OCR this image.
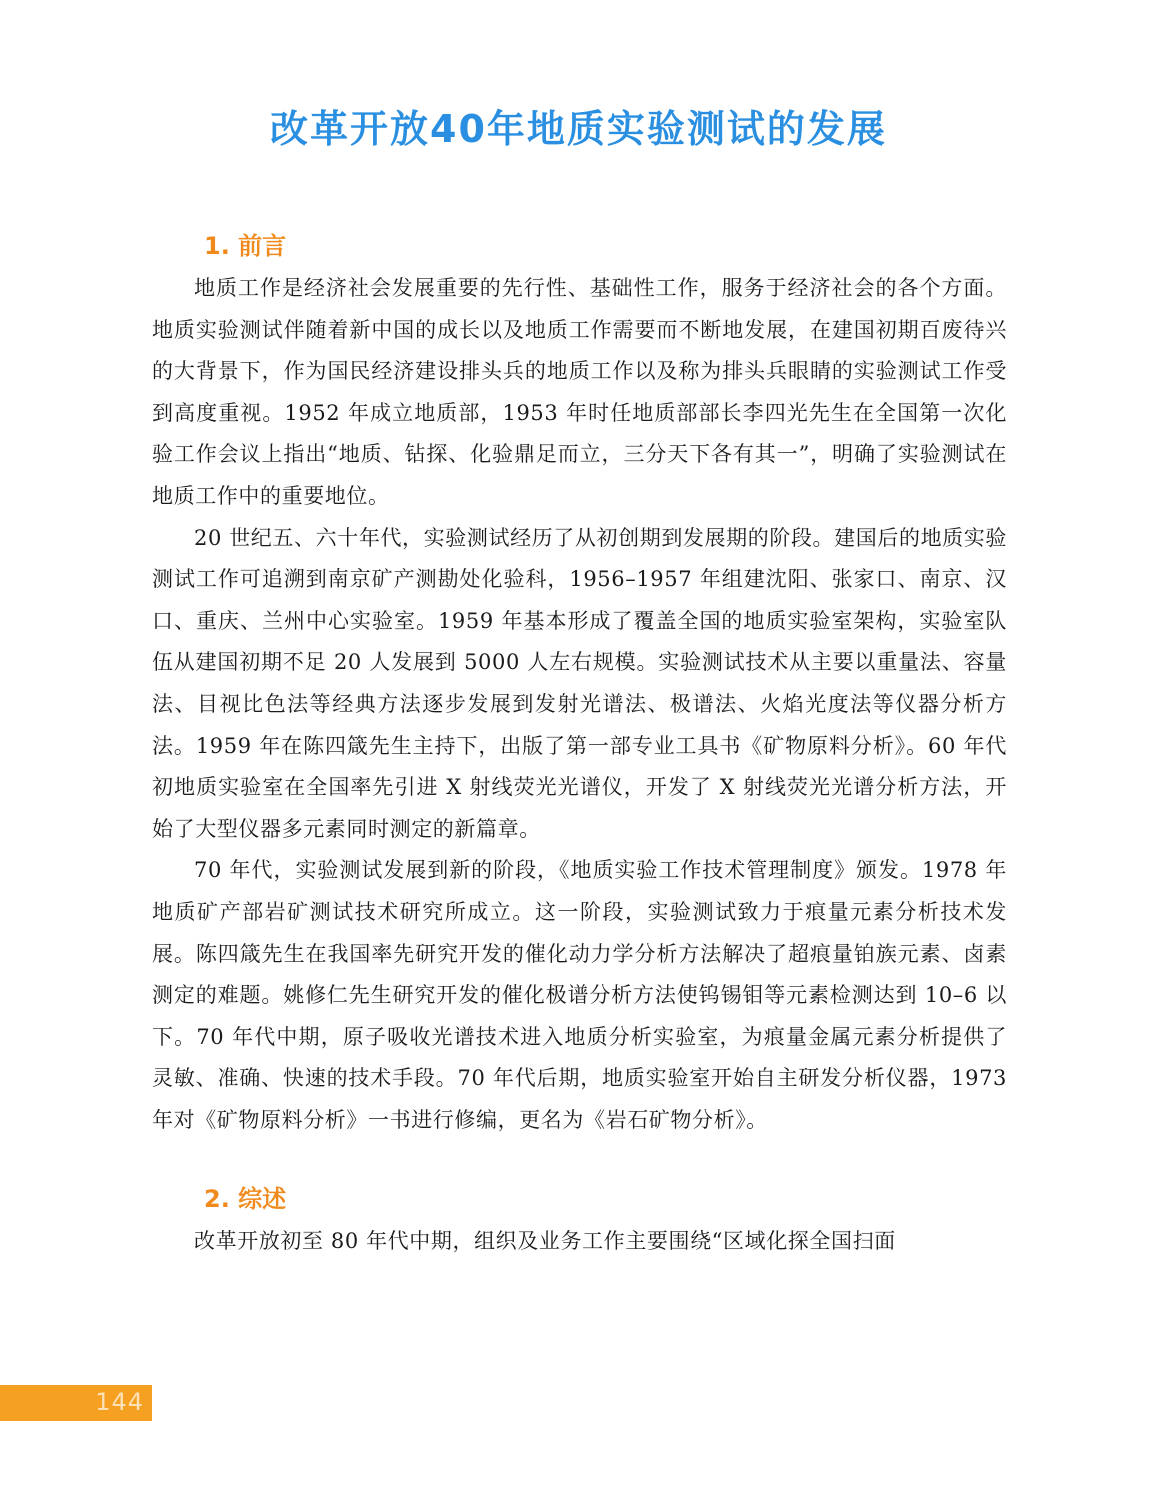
改革开放40年地质实验测试的发展
1. 前言

地质工作是经济社会发展重要的先行性、基础性工作，服务于经济社会的各个方面。地质实验测试伴随着新中国的成长以及地质工作需要而不断地发展，在建国初期百废待兴的大背景下，作为国民经济建设排头兵的地质工作以及称为排头兵眼睛的实验测试工作受到高度重视。1952 年成立地质部，1953 年时任地质部部长李四光先生在全国第一次化验工作会议上指出“地质、钻探、化验鼎足而立，三分天下各有其一”，明确了实验测试在地质工作中的重要地位。

20 世纪五、六十年代，实验测试经历了从初创期到发展期的阶段。建国后的地质实验测试工作可追溯到南京矿产测勘处化验科，1956–1957 年组建沈阳、张家口、南京、汉口、重庆、兰州中心实验室。1959 年基本形成了覆盖全国的地质实验室架构，实验室队伍从建国初期不足 20 人发展到 5000 人左右规模。实验测试技术从主要以重量法、容量法、目视比色法等经典方法逐步发展到发射光谱法、极谱法、火焰光度法等仪器分析方法。1959 年在陈四箴先生主持下，出版了第一部专业工具书《矿物原料分析》。60 年代初地质实验室在全国率先引进 X 射线荧光光谱仪，开发了 X 射线荧光光谱分析方法，开始了大型仪器多元素同时测定的新篇章。

70 年代，实验测试发展到新的阶段，《地质实验工作技术管理制度》颁发。1978 年地质矿产部岩矿测试技术研究所成立。这一阶段，实验测试致力于痕量元素分析技术发展。陈四箴先生在我国率先研究开发的催化动力学分析方法解决了超痕量铂族元素、卤素测定的难题。姚修仁先生研究开发的催化极谱分析方法使钨锡钼等元素检测达到 10–6 以下。70 年代中期，原子吸收光谱技术进入地质分析实验室，为痕量金属元素分析提供了灵敏、准确、快速的技术手段。70 年代后期，地质实验室开始自主研发分析仪器，1973 年对《矿物原料分析》一书进行修编，更名为《岩石矿物分析》。

2. 综述

改革开放初至 80 年代中期，组织及业务工作主要围绕“区域化探全国扫面

144
